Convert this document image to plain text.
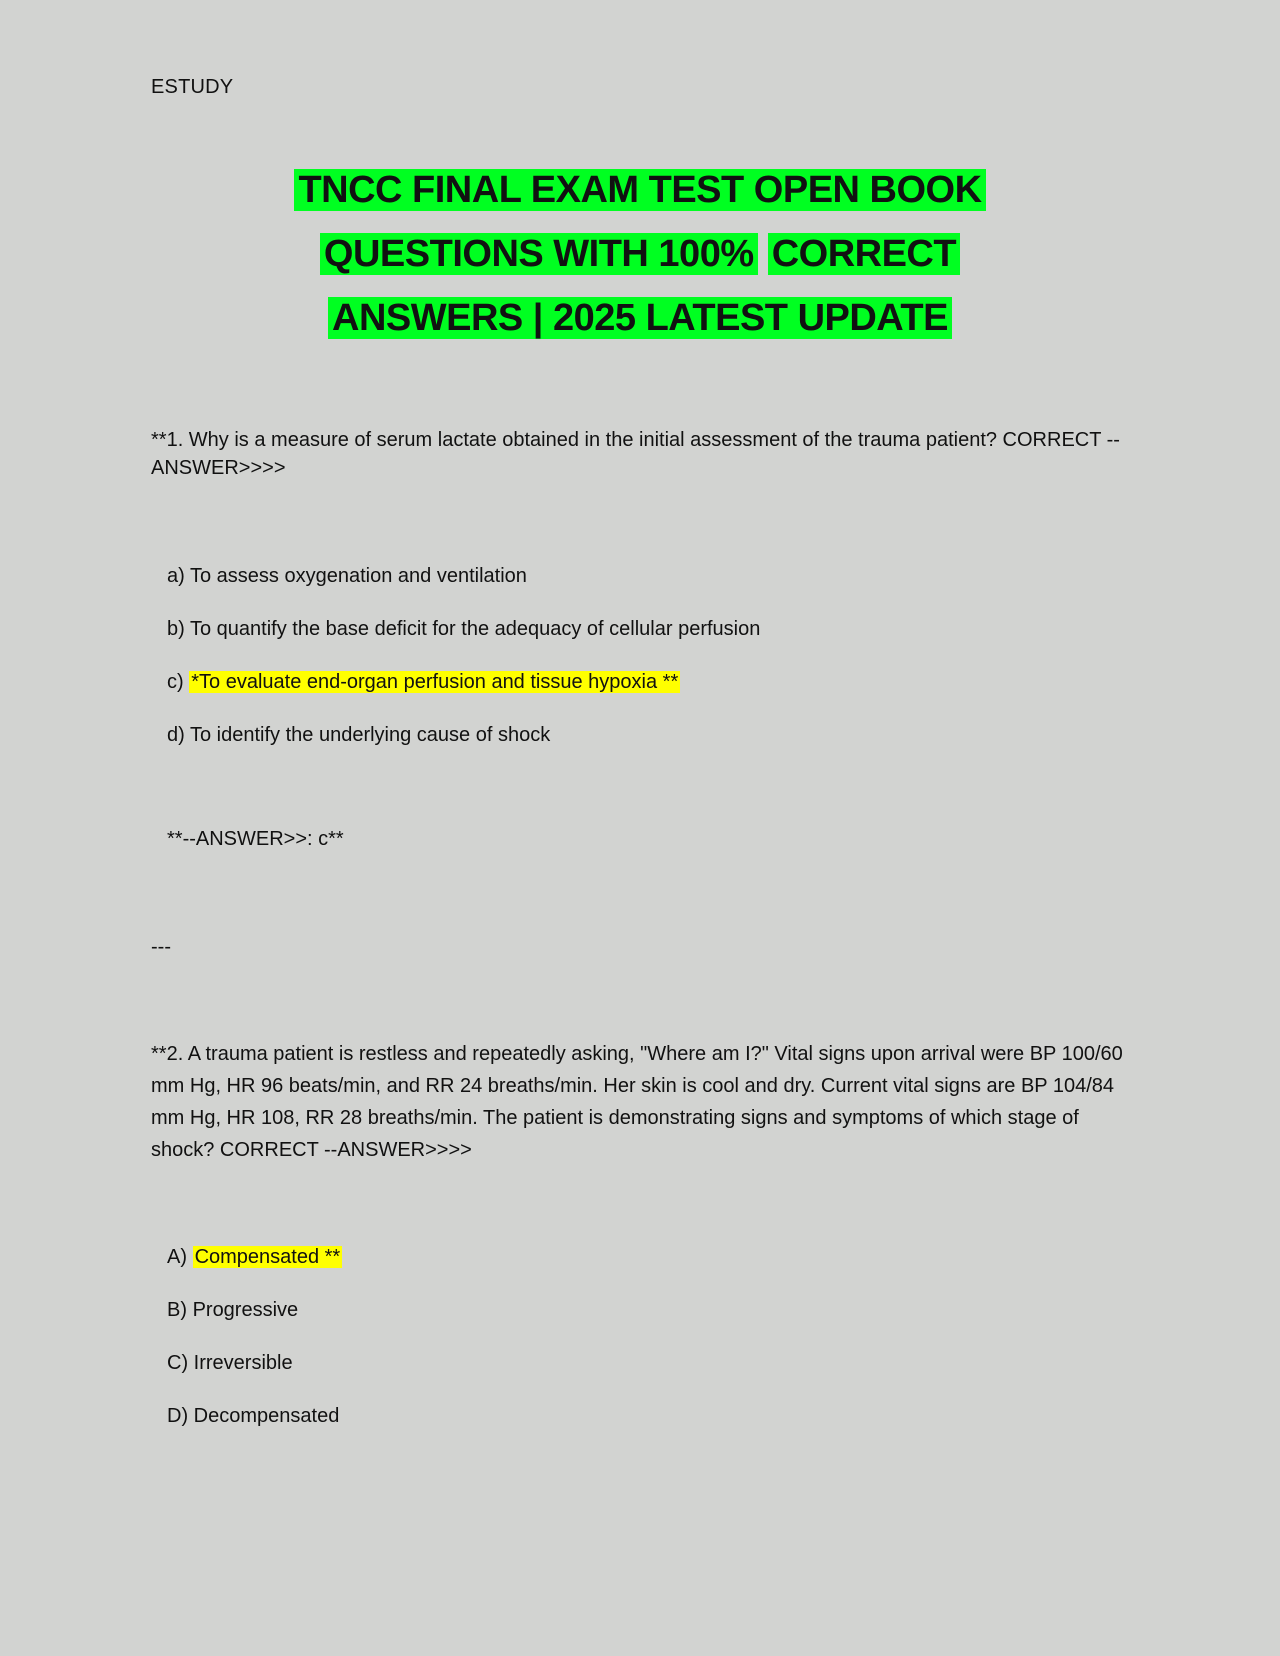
ESTUDY
TNCC FINAL EXAM TEST OPEN BOOK
QUESTIONS WITH 100% CORRECT
ANSWERS | 2025 LATEST UPDATE
**1. Why is a measure of serum lactate obtained in the initial assessment of the trauma patient? CORRECT --ANSWER>>>>
a) To assess oxygenation and ventilation
b) To quantify the base deficit for the adequacy of cellular perfusion
c) *To evaluate end-organ perfusion and tissue hypoxia **
d) To identify the underlying cause of shock
**--ANSWER>>: c**
---
**2. A trauma patient is restless and repeatedly asking, "Where am I?" Vital signs upon arrival were BP 100/60 mm Hg, HR 96 beats/min, and RR 24 breaths/min. Her skin is cool and dry. Current vital signs are BP 104/84 mm Hg, HR 108, RR 28 breaths/min. The patient is demonstrating signs and symptoms of which stage of shock? CORRECT --ANSWER>>>>
A) Compensated **
B) Progressive
C) Irreversible
D) Decompensated
